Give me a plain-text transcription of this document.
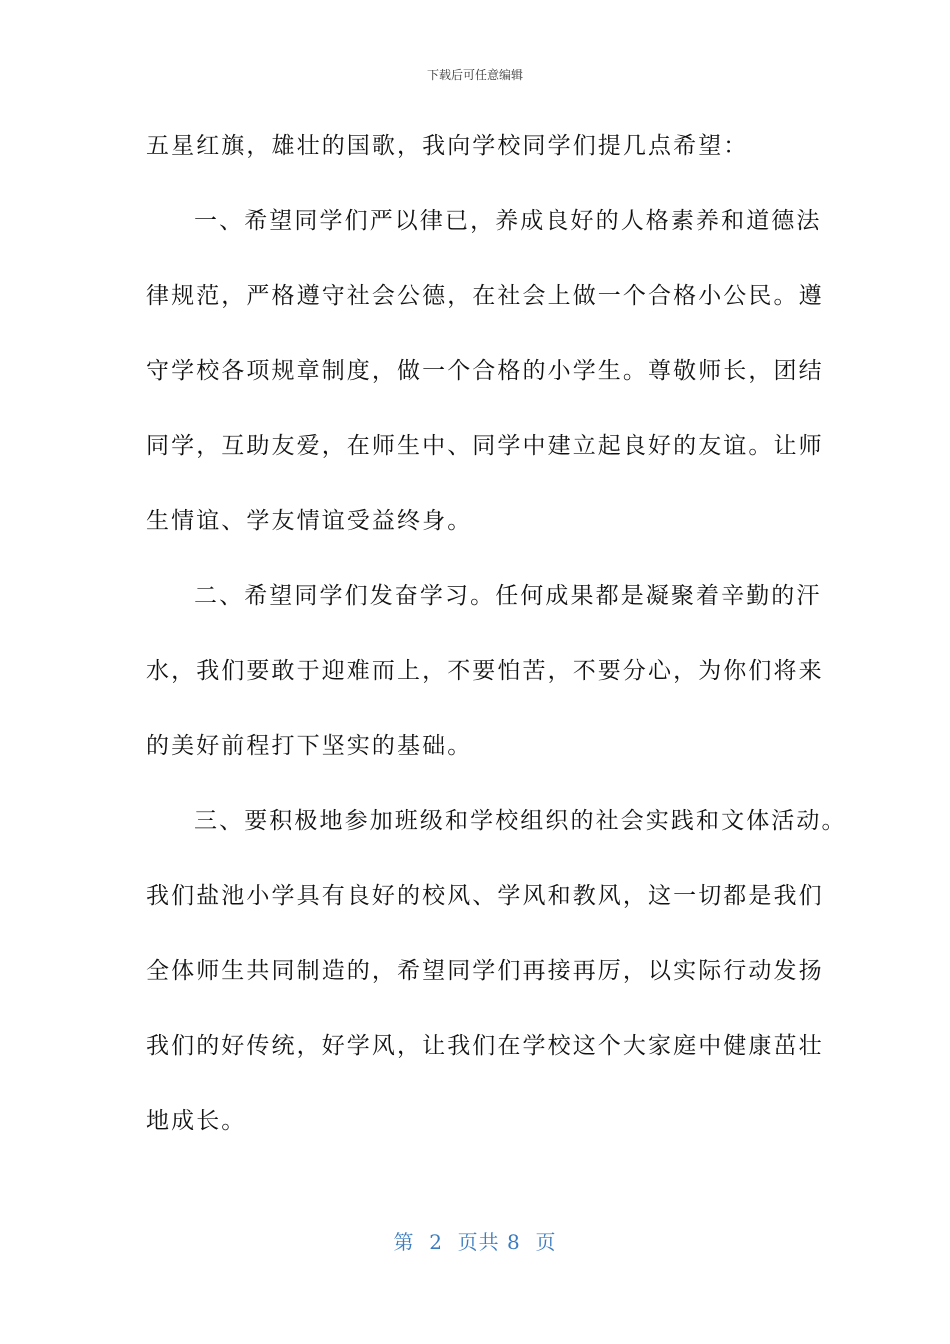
下载后可任意编辑
五星红旗，雄壮的国歌，我向学校同学们提几点希望：
一、希望同学们严以律已，养成良好的人格素养和道德法
律规范，严格遵守社会公德，在社会上做一个合格小公民。遵
守学校各项规章制度，做一个合格的小学生。尊敬师长，团结
同学，互助友爱，在师生中、同学中建立起良好的友谊。让师
生情谊、学友情谊受益终身。
二、希望同学们发奋学习。任何成果都是凝聚着辛勤的汗
水，我们要敢于迎难而上，不要怕苦，不要分心，为你们将来
的美好前程打下坚实的基础。
三、要积极地参加班级和学校组织的社会实践和文体活动。
我们盐池小学具有良好的校风、学风和教风，这一切都是我们
全体师生共同制造的，希望同学们再接再厉，以实际行动发扬
我们的好传统，好学风，让我们在学校这个大家庭中健康茁壮
地成长。
第  2  页共 8  页
